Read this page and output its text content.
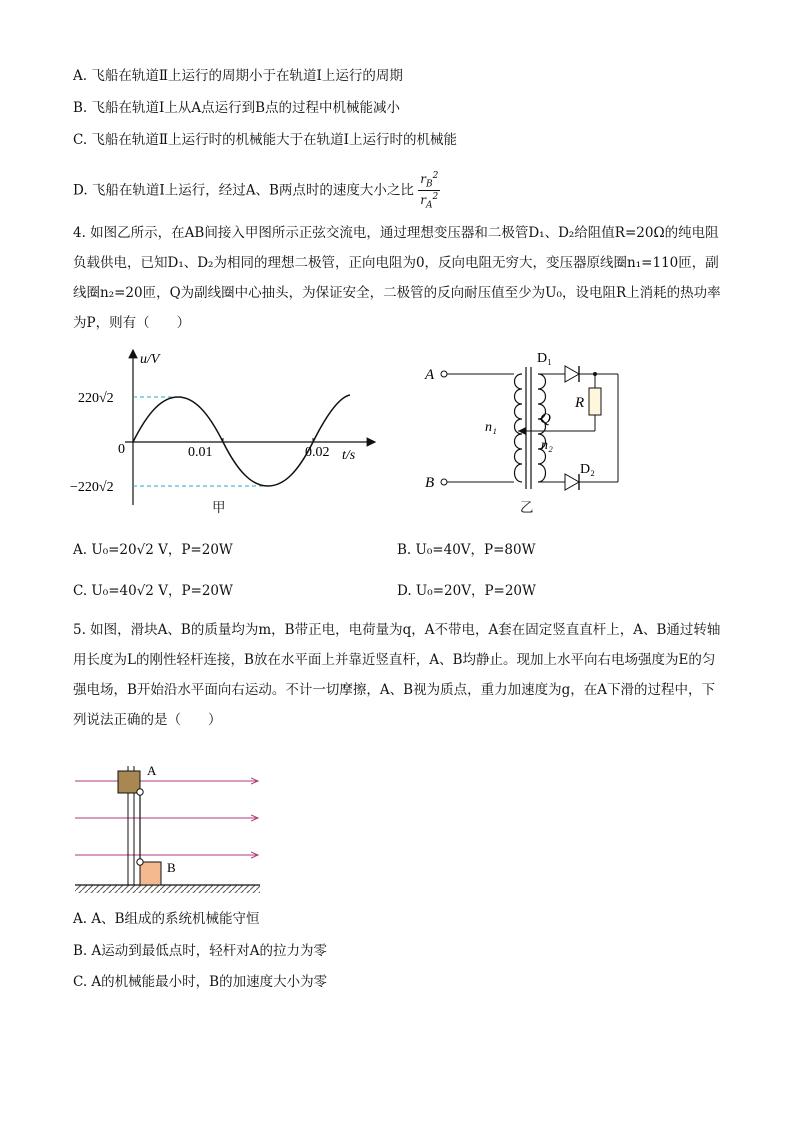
A. 飞船在轨道Ⅱ上运行的周期小于在轨道Ⅰ上运行的周期
B. 飞船在轨道Ⅰ上从A点运行到B点的过程中机械能减小
C. 飞船在轨道Ⅱ上运行时的机械能大于在轨道Ⅰ上运行时的机械能
D. 飞船在轨道Ⅰ上运行，经过A、B两点时的速度大小之比 $\frac{r_B^2}{r_A^2}$
4. 如图乙所示，在AB间接入甲图所示正弦交流电，通过理想变压器和二极管D₁、D₂给阻值R=20Ω的纯电阻负载供电，已知D₁、D₂为相同的理想二极管，正向电阻为0，反向电阻无穷大，变压器原线圈n₁=110匝，副线圈n₂=20匝，Q为副线圈中心抽头，为保证安全，二极管的反向耐压值至少为U₀，设电阻R上消耗的热功率为P，则有（　　）
u/V
t/s
0	0.01	0.02
220√2
−220√2
甲
A
B
n₁
n₂
Q
R
D₁
D₂
乙
A. U₀=20√2 V，P=20W	B. U₀=40V，P=80W
C. U₀=40√2 V，P=20W	D. U₀=20V，P=20W
5. 如图，滑块A、B的质量均为m，B带正电，电荷量为q，A不带电，A套在固定竖直直杆上，A、B通过转轴用长度为L的刚性轻杆连接，B放在水平面上并靠近竖直杆，A、B均静止。现加上水平向右电场强度为E的匀强电场，B开始沿水平面向右运动。不计一切摩擦，A、B视为质点，重力加速度为g，在A下滑的过程中，下列说法正确的是（　　）
A
B
A. A、B组成的系统机械能守恒
B. A运动到最低点时，轻杆对A的拉力为零
C. A的机械能最小时，B的加速度大小为零
